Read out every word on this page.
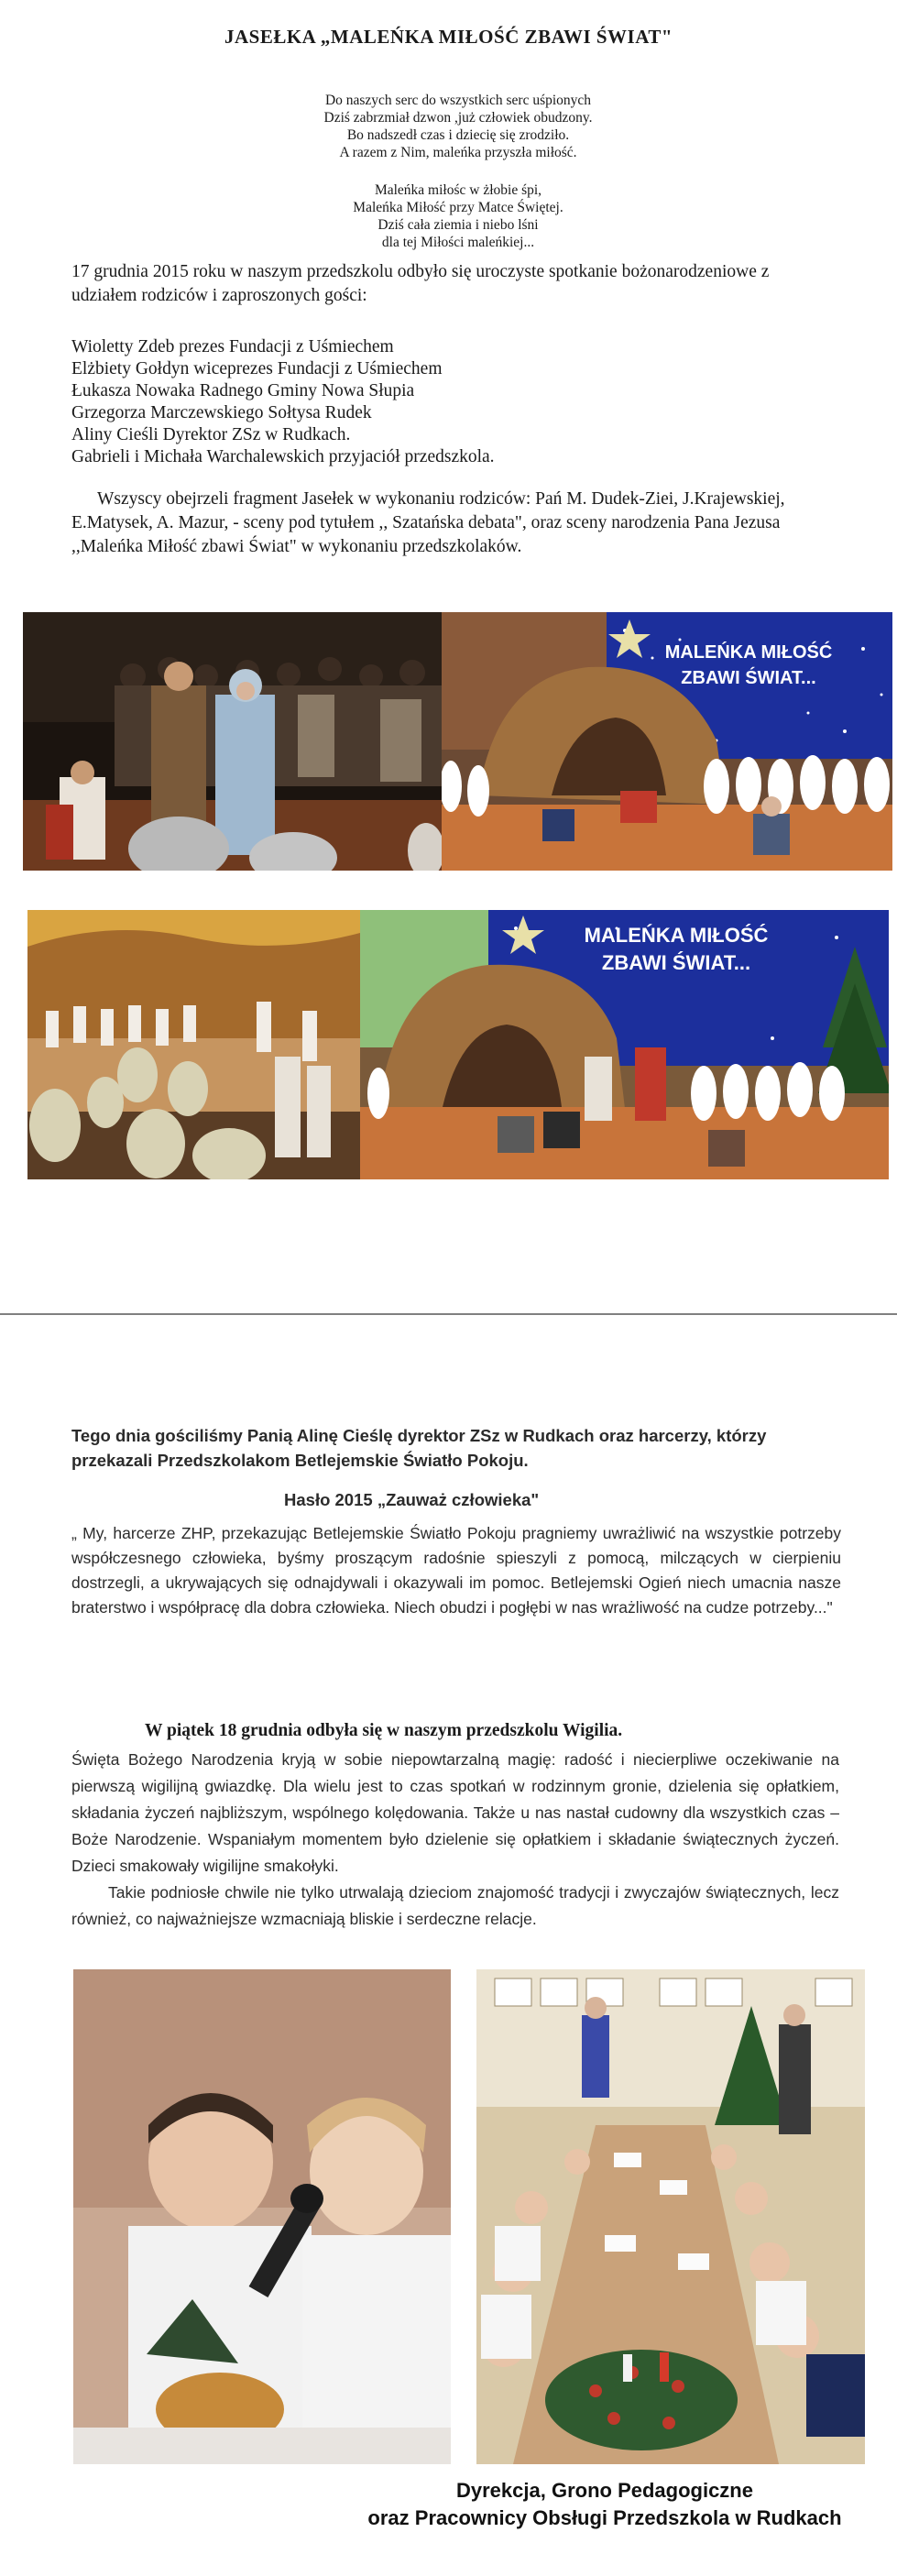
JASEŁKA „MALEŃKA MIŁOŚĆ ZBAWI ŚWIAT"
Do naszych serc do wszystkich serc uśpionych
Dziś zabrzmiał dzwon ,już człowiek obudzony.
Bo nadszedł czas i dziecię się zrodziło.
A razem z Nim, maleńka przyszła miłość.
Maleńka miłośc w żłobie śpi,
Maleńka Miłość przy Matce Świętej.
Dziś cała ziemia i niebo lśni
dla tej Miłości maleńkiej...
17 grudnia 2015 roku w naszym przedszkolu odbyło się uroczyste spotkanie bożonarodzeniowe z udziałem rodziców i zaproszonych gości:
Wioletty Zdeb prezes Fundacji z Uśmiechem
Elżbiety Gołdyn wiceprezes Fundacji z Uśmiechem
Łukasza Nowaka Radnego Gminy Nowa Słupia
Grzegorza Marczewskiego Sołtysa Rudek
Aliny Cieśli Dyrektor ZSz w Rudkach.
Gabrieli i Michała Warchalewskich przyjaciół przedszkola.
Wszyscy obejrzeli fragment Jasełek w wykonaniu rodziców: Pań M. Dudek-Ziei, J.Krajewskiej, E.Matysek, A. Mazur, - sceny pod tytułem ,, Szatańska debata", oraz sceny narodzenia Pana Jezusa ,,Maleńka Miłość zbawi Świat" w wykonaniu przedszkolaków.
MALEŃKA MIŁOŚĆ
ZBAWI ŚWIAT...
MALEŃKA MIŁOŚĆ
ZBAWI ŚWIAT...
Tego dnia gościliśmy Panią Alinę Cieślę dyrektor ZSz w Rudkach oraz harcerzy, którzy przekazali Przedszkolakom Betlejemskie Światło Pokoju.
Hasło 2015 „Zauważ człowieka"
„ My, harcerze ZHP, przekazując Betlejemskie Światło Pokoju pragniemy uwrażliwić na wszystkie potrzeby współczesnego człowieka, byśmy proszącym radośnie spieszyli z pomocą, milczących w cierpieniu dostrzegli, a ukrywających się odnajdywali i okazywali im pomoc. Betlejemski Ogień niech umacnia nasze braterstwo i współpracę dla dobra człowieka. Niech obudzi i pogłębi w nas wrażliwość na cudze potrzeby..."
W piątek 18 grudnia odbyła się w naszym przedszkolu Wigilia.
Święta Bożego Narodzenia kryją w sobie niepowtarzalną magię: radość i niecierpliwe oczekiwanie na pierwszą wigilijną gwiazdkę. Dla wielu jest to czas spotkań w rodzinnym gronie, dzielenia się opłatkiem, składania życzeń najbliższym, wspólnego kolędowania. Także u nas nastał cudowny dla wszystkich czas – Boże Narodzenie. Wspaniałym momentem było dzielenie się opłatkiem i składanie świątecznych życzeń. Dzieci smakowały wigilijne smakołyki.
Takie podniosłe chwile nie tylko utrwalają dzieciom znajomość tradycji i zwyczajów świątecznych, lecz również, co najważniejsze wzmacniają bliskie i serdeczne relacje.
Dyrekcja, Grono Pedagogiczne
oraz Pracownicy Obsługi Przedszkola w Rudkach
